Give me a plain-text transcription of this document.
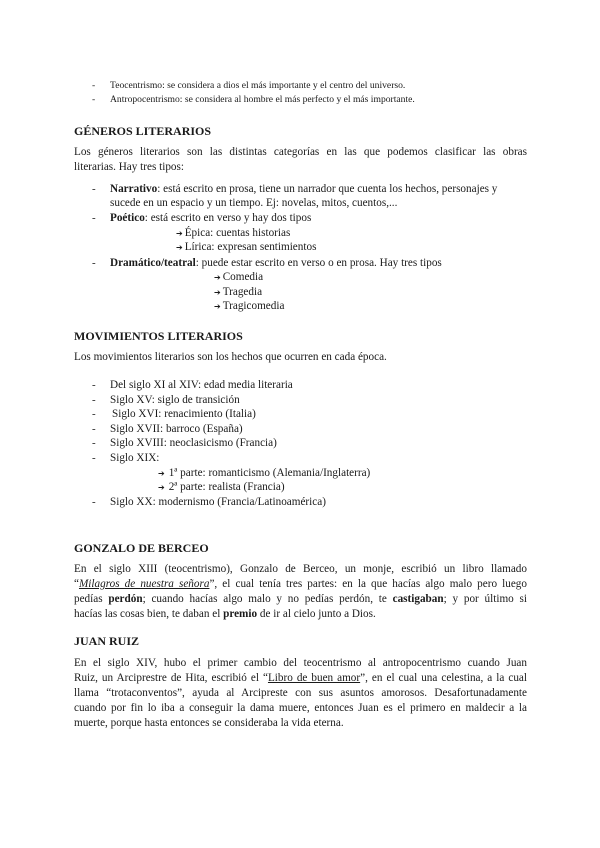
- Teocentrismo: se considera a dios el más importante y el centro del universo.
- Antropocentrismo: se considera al hombre el más perfecto y el más importante.
GÉNEROS LITERARIOS
Los géneros literarios son las distintas categorías en las que podemos clasificar las obras
literarias. Hay tres tipos:
- Narrativo: está escrito en prosa, tiene un narrador que cuenta los hechos, personajes y
sucede en un espacio y un tiempo. Ej: novelas, mitos, cuentos,...
- Poético: está escrito en verso y hay dos tipos
➔ Épica: cuentas historias
➔ Lírica: expresan sentimientos
- Dramático/teatral: puede estar escrito en verso o en prosa. Hay tres tipos
➔ Comedia
➔ Tragedia
➔ Tragicomedia
MOVIMIENTOS LITERARIOS
Los movimientos literarios son los hechos que ocurren en cada época.
- Del siglo XI al XIV: edad media literaria
- Siglo XV: siglo de transición
- Siglo XVI: renacimiento (Italia)
- Siglo XVII: barroco (España)
- Siglo XVIII: neoclasicismo (Francia)
- Siglo XIX:
➔ 1ª parte: romanticismo (Alemania/Inglaterra)
➔ 2ª parte: realista (Francia)
- Siglo XX: modernismo (Francia/Latinoamérica)
GONZALO DE BERCEO
En el siglo XIII (teocentrismo), Gonzalo de Berceo, un monje, escribió un libro llamado
“Milagros de nuestra señora”, el cual tenía tres partes: en la que hacías algo malo pero luego
pedías perdón; cuando hacías algo malo y no pedías perdón, te castigaban; y por último si
hacías las cosas bien, te daban el premio de ir al cielo junto a Dios.
JUAN RUIZ
En el siglo XIV, hubo el primer cambio del teocentrismo al antropocentrismo cuando Juan
Ruiz, un Arciprestre de Hita, escribió el “Libro de buen amor”, en el cual una celestina, a la cual
llama “trotaconventos”, ayuda al Arcipreste con sus asuntos amorosos. Desafortunadamente
cuando por fin lo iba a conseguir la dama muere, entonces Juan es el primero en maldecir a la
muerte, porque hasta entonces se consideraba la vida eterna.
